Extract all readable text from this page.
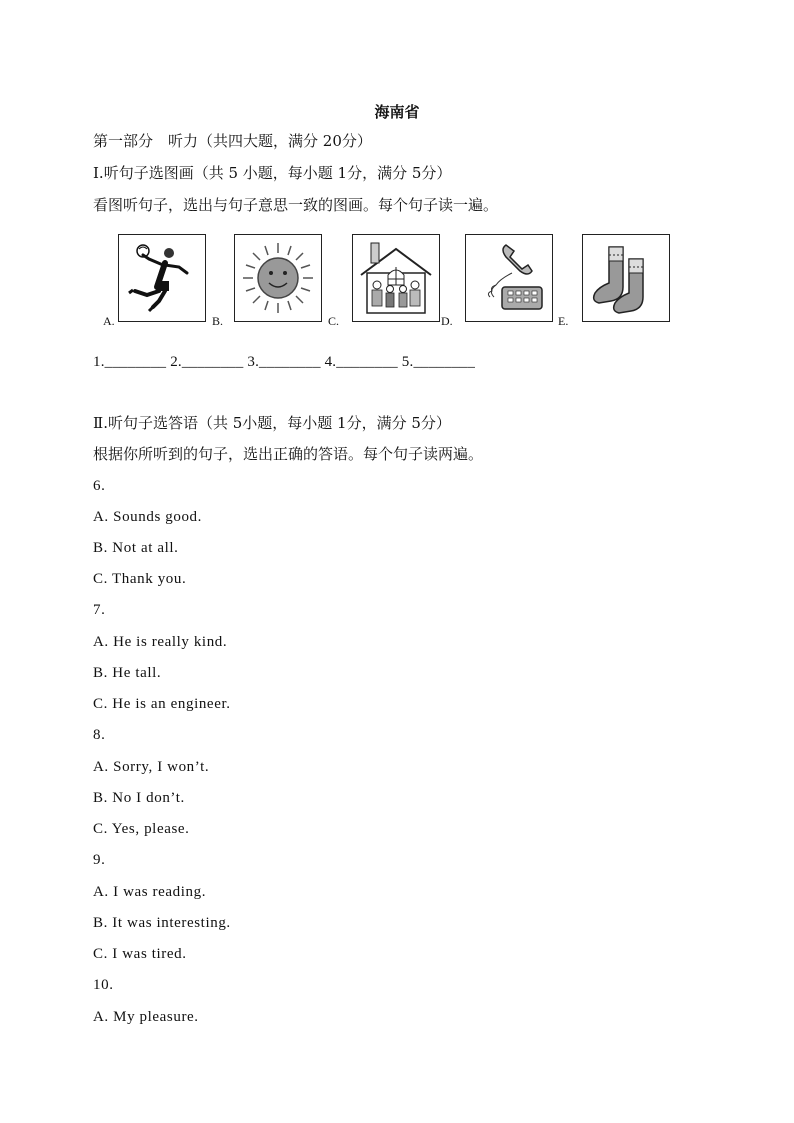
海南省
第一部分　听力（共四大题，满分 20分）
I.听句子选图画（共 5 小题，每小题 1分，满分 5分）
看图听句子，选出与句子意思一致的图画。每个句子读一遍。
A.	B.	C.	D.	E.
1.________ 2.________ 3.________ 4.________ 5.________
Ⅱ.听句子选答语（共 5小题，每小题 1分，满分 5分）
根据你所听到的句子，选出正确的答语。每个句子读两遍。
6.
A. Sounds good.
B. Not at all.
C. Thank you.
7.
A. He is really kind.
B. He tall.
C. He is an engineer.
8.
A. Sorry, I won’t.
B. No I don’t.
C. Yes, please.
9.
A. I was reading.
B. It was interesting.
C. I was tired.
10.
A. My pleasure.
